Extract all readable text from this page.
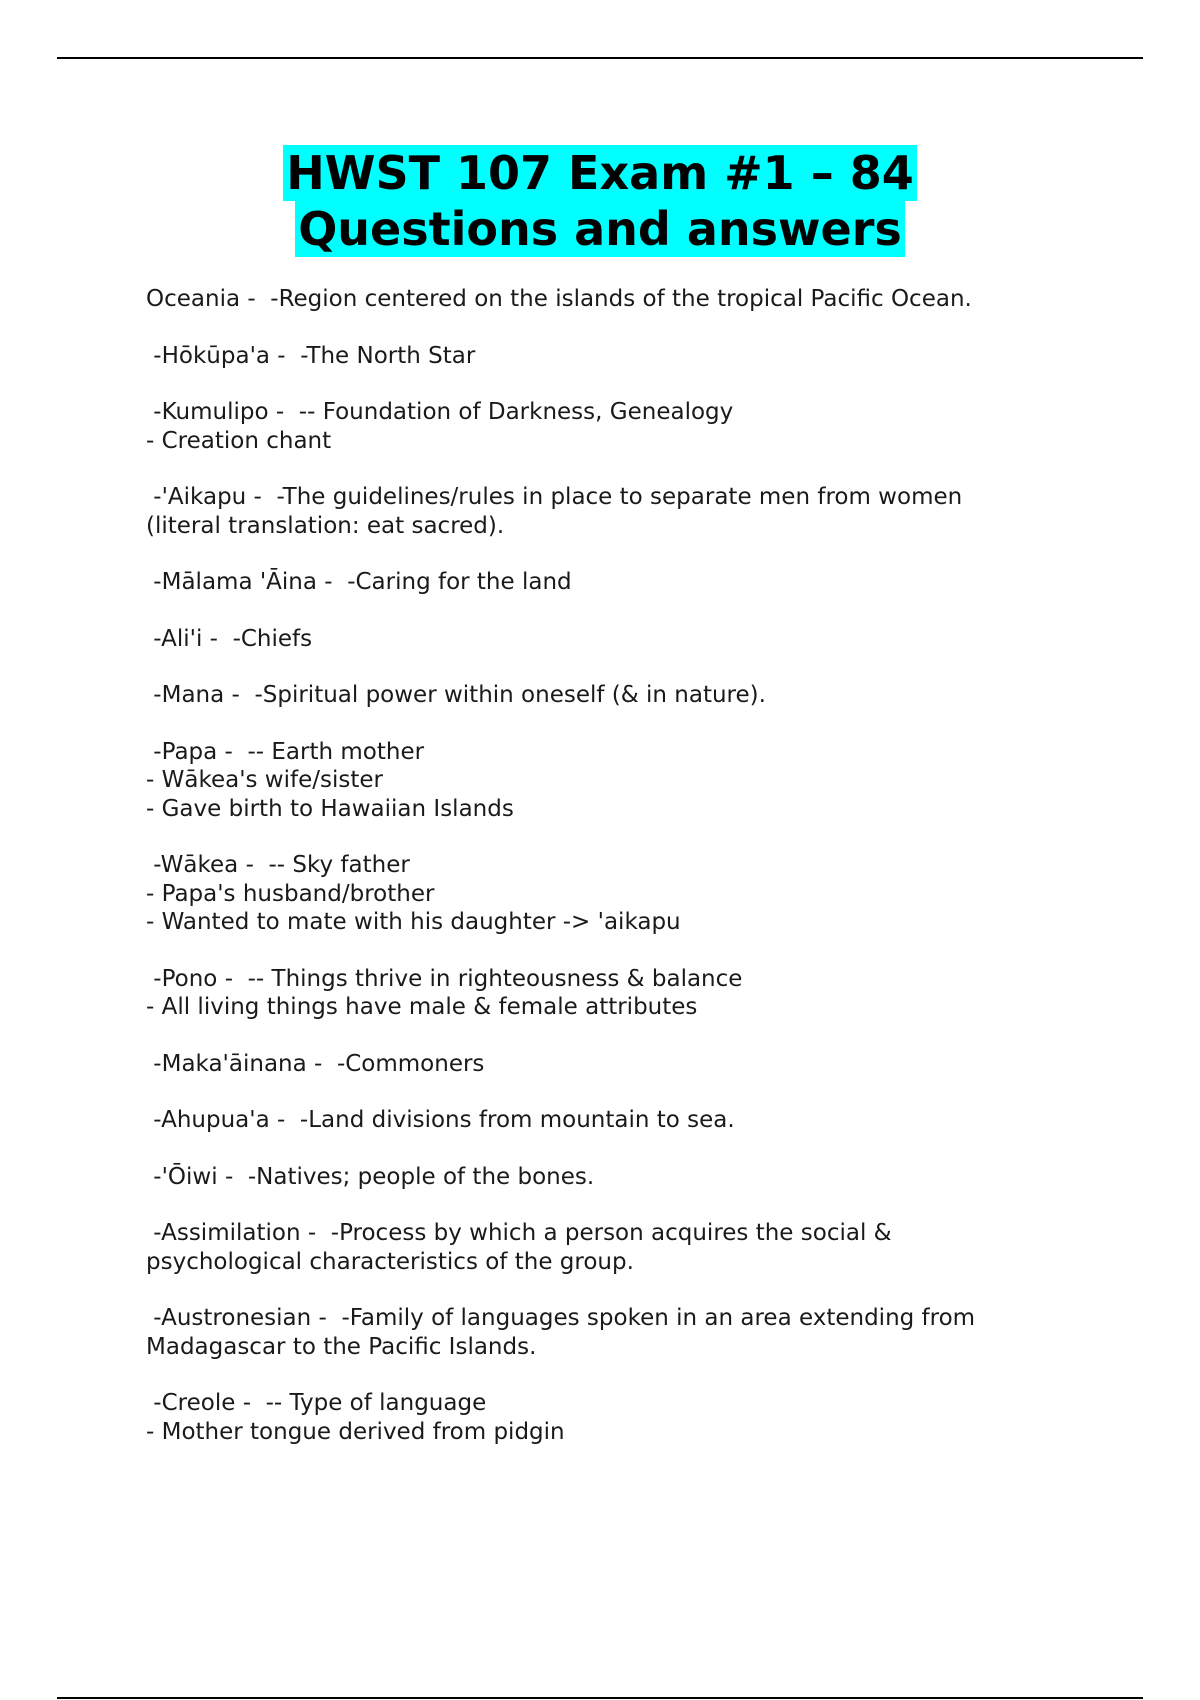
HWST 107 Exam #1 – 84
Questions and answers
Oceania -  -Region centered on the islands of the tropical Pacific Ocean.
-Hōkūpa'a -  -The North Star
-Kumulipo -  -- Foundation of Darkness, Genealogy
- Creation chant
-'Aikapu -  -The guidelines/rules in place to separate men from women
(literal translation: eat sacred).
-Mālama 'Āina -  -Caring for the land
-Ali'i -  -Chiefs
-Mana -  -Spiritual power within oneself (& in nature).
-Papa -  -- Earth mother
- Wākea's wife/sister
- Gave birth to Hawaiian Islands
-Wākea -  -- Sky father
- Papa's husband/brother
- Wanted to mate with his daughter -> 'aikapu
-Pono -  -- Things thrive in righteousness & balance
- All living things have male & female attributes
-Maka'āinana -  -Commoners
-Ahupua'a -  -Land divisions from mountain to sea.
-'Ōiwi -  -Natives; people of the bones.
-Assimilation -  -Process by which a person acquires the social &
psychological characteristics of the group.
-Austronesian -  -Family of languages spoken in an area extending from
Madagascar to the Pacific Islands.
-Creole -  -- Type of language
- Mother tongue derived from pidgin
